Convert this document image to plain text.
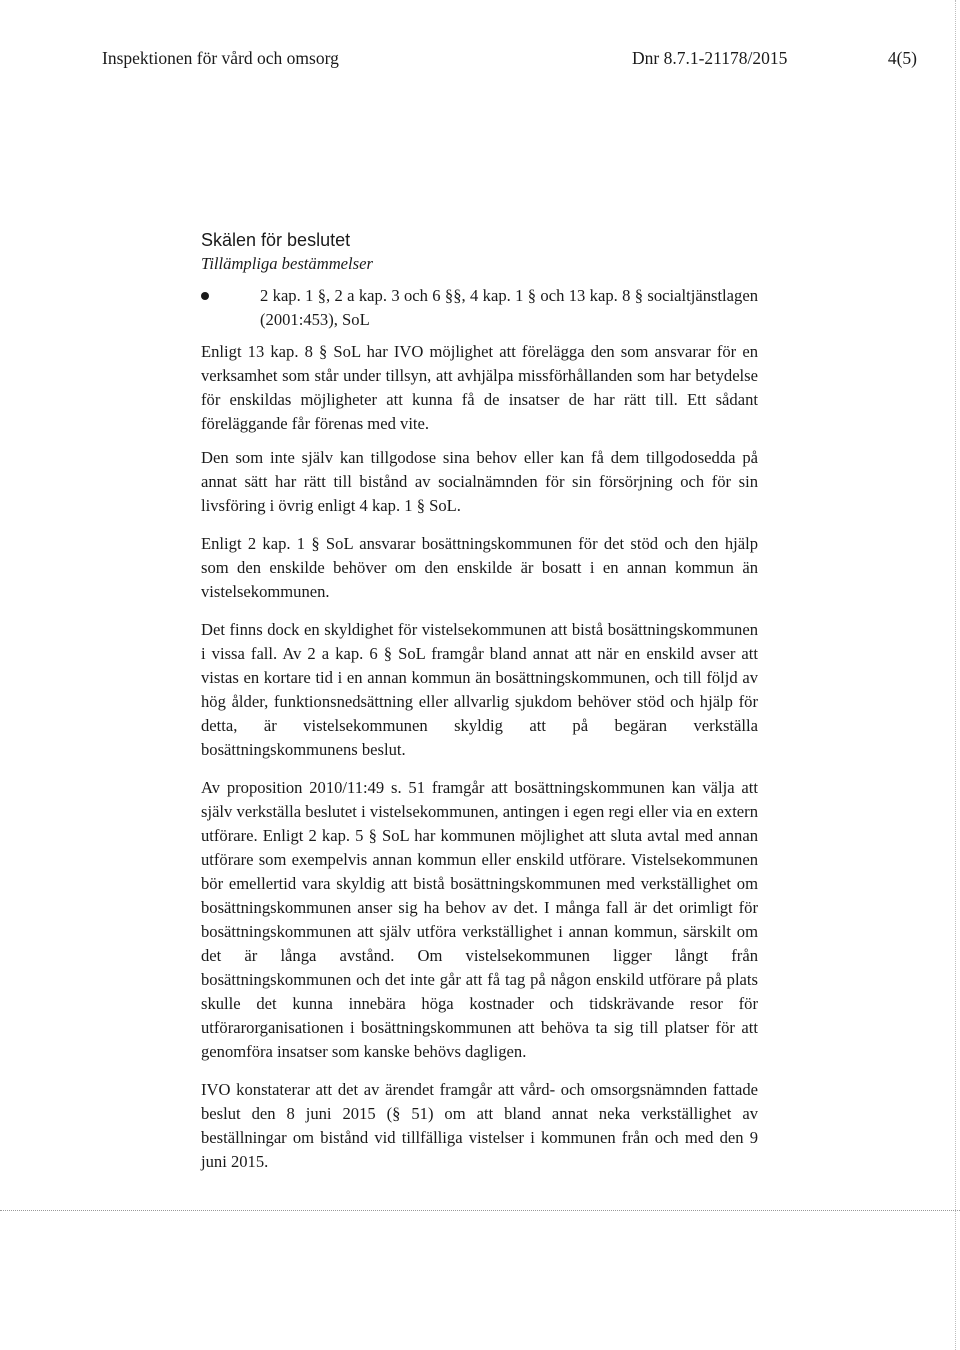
Inspektionen för vård och omsorg	Dnr 8.7.1-21178/2015	4(5)
Skälen för beslutet

Tillämpliga bestämmelser

2 kap. 1 §, 2 a kap. 3 och 6 §§, 4 kap. 1 § och 13 kap. 8 § socialtjänstlagen (2001:453), SoL

Enligt 13 kap. 8 § SoL har IVO möjlighet att förelägga den som ansvarar för en verksamhet som står under tillsyn, att avhjälpa missförhållanden som har betydelse för enskildas möjligheter att kunna få de insatser de har rätt till. Ett sådant föreläggande får förenas med vite.

Den som inte själv kan tillgodose sina behov eller kan få dem tillgodosedda på annat sätt har rätt till bistånd av socialnämnden för sin försörjning och för sin livsföring i övrig enligt 4 kap. 1 § SoL.

Enligt 2 kap. 1 § SoL ansvarar bosättningskommunen för det stöd och den hjälp som den enskilde behöver om den enskilde är bosatt i en annan kommun än vistelsekommunen.

Det finns dock en skyldighet för vistelsekommunen att bistå bosättningskommunen i vissa fall. Av 2 a kap. 6 § SoL framgår bland annat att när en enskild avser att vistas en kortare tid i en annan kommun än bosättningskommunen, och till följd av hög ålder, funktionsnedsättning eller allvarlig sjukdom behöver stöd och hjälp för detta, är vistelsekommunen skyldig att på begäran verkställa bosättningskommunens beslut.

Av proposition 2010/11:49 s. 51 framgår att bosättningskommunen kan välja att själv verkställa beslutet i vistelsekommunen, antingen i egen regi eller via en extern utförare. Enligt 2 kap. 5 § SoL har kommunen möjlighet att sluta avtal med annan utförare som exempelvis annan kommun eller enskild utförare. Vistelsekommunen bör emellertid vara skyldig att bistå bosättningskommunen med verkställighet om bosättningskommunen anser sig ha behov av det. I många fall är det orimligt för bosättningskommunen att själv utföra verkställighet i annan kommun, särskilt om det är långa avstånd. Om vistelsekommunen ligger långt från bosättningskommunen och det inte går att få tag på någon enskild utförare på plats skulle det kunna innebära höga kostnader och tidskrävande resor för utförarorganisationen i bosättningskommunen att behöva ta sig till platser för att genomföra insatser som kanske behövs dagligen.

IVO konstaterar att det av ärendet framgår att vård- och omsorgsnämnden fattade beslut den 8 juni 2015 (§ 51) om att bland annat neka verkställighet av beställningar om bistånd vid tillfälliga vistelser i kommunen från och med den 9 juni 2015.
